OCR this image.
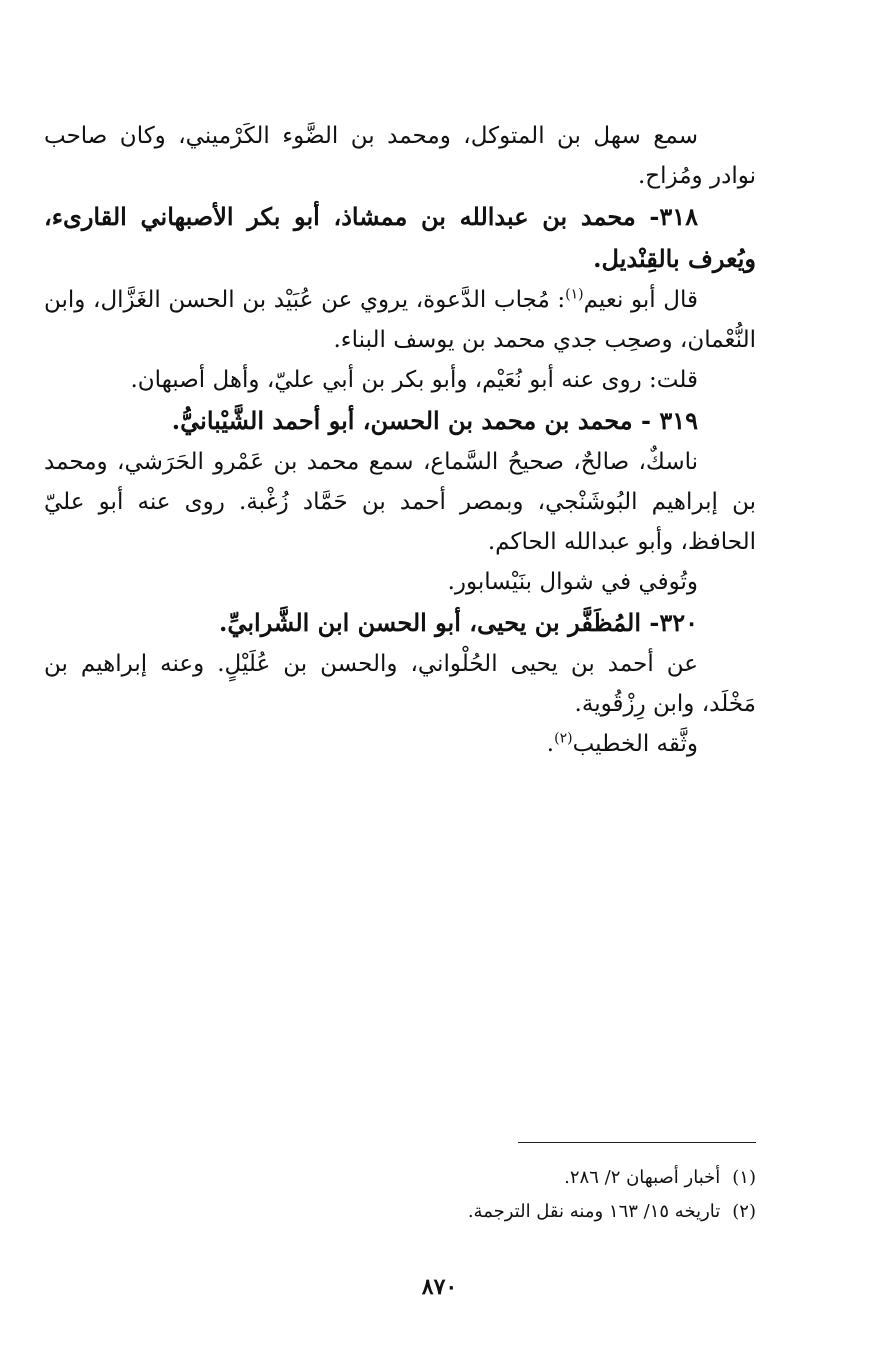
سمع سهل بن المتوكل، ومحمد بن الضَّوء الكَرْميني، وكان صاحب نوادر ومُزاح.

٣١٨- محمد بن عبدالله بن ممشاذ، أبو بكر الأصبهاني القارىء، ويُعرف بالقِنْديل.

قال أبو نعيم$^{(١)}$: مُجاب الدَّعوة، يروي عن عُبَيْد بن الحسن الغَزَّال، وابن النُّعْمان، وصحِب جدي محمد بن يوسف البناء.

قلت: روى عنه أبو نُعَيْم، وأبو بكر بن أبي عليّ، وأهل أصبهان.

٣١٩ - محمد بن محمد بن الحسن، أبو أحمد الشَّيْبانيُّ.

ناسكٌ، صالحٌ، صحيحُ السَّماع، سمع محمد بن عَمْرو الحَرَشي، ومحمد بن إبراهيم البُوشَنْجي، وبمصر أحمد بن حَمَّاد زُغْبة. روى عنه أبو عليّ الحافظ، وأبو عبدالله الحاكم.

وتُوفي في شوال بنَيْسابور.

٣٢٠- المُظَفَّر بن يحيى، أبو الحسن ابن الشَّرابيِّ.

عن أحمد بن يحيى الحُلْواني، والحسن بن عُلَيْلٍ. وعنه إبراهيم بن مَخْلَد، وابن رِزْقُوية.

وثَّقه الخطيب$^{(٢)}$.

(١)أخبار أصبهان ٢/ ٢٨٦.

(٢)تاريخه ١٥/ ١٦٣ ومنه نقل الترجمة.

٨٧٠
